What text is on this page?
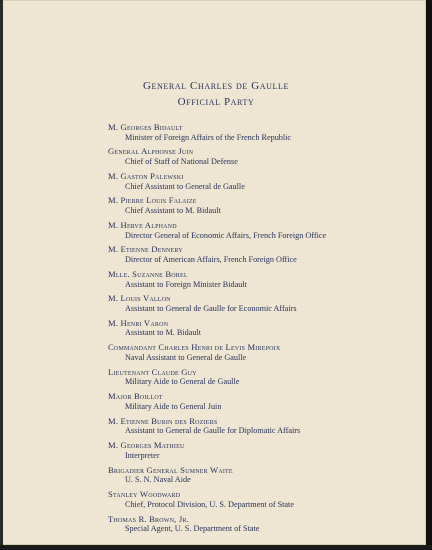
General Charles de Gaulle
Official Party
M. Georges Bidault
Minister of Foreign Affairs of the French Republic
General Alphonse Juin
Chief of Staff of National Defense
M. Gaston Palewski
Chief Assistant to General de Gaulle
M. Pierre Louis Falaize
Chief Assistant to M. Bidault
M. Herve Alphand
Director General of Economic Affairs, French Foreign Office
M. Etienne Dennery
Director of American Affairs, French Foreign Office
Mlle. Suzanne Borel
Assistant to Foreign Minister Bidault
M. Louis Vallon
Assistant to General de Gaulle for Economic Affairs
M. Henri Varon
Assistant to M. Bidault
Commandant Charles Henri de Levis Mirepoix
Naval Assistant to General de Gaulle
Lieutenant Claude Guy
Military Aide to General de Gaulle
Major Boillot
Military Aide to General Juin
M. Etienne Burin des Roziers
Assistant to General de Gaulle for Diplomatic Affairs
M. Georges Mathieu
Interpreter
Brigadier General Sumner Waite
U. S. N. Naval Aide
Stanley Woodward
Chief, Protocol Division, U. S. Department of State
Thomas R. Brown, Jr.
Special Agent, U. S. Department of State
